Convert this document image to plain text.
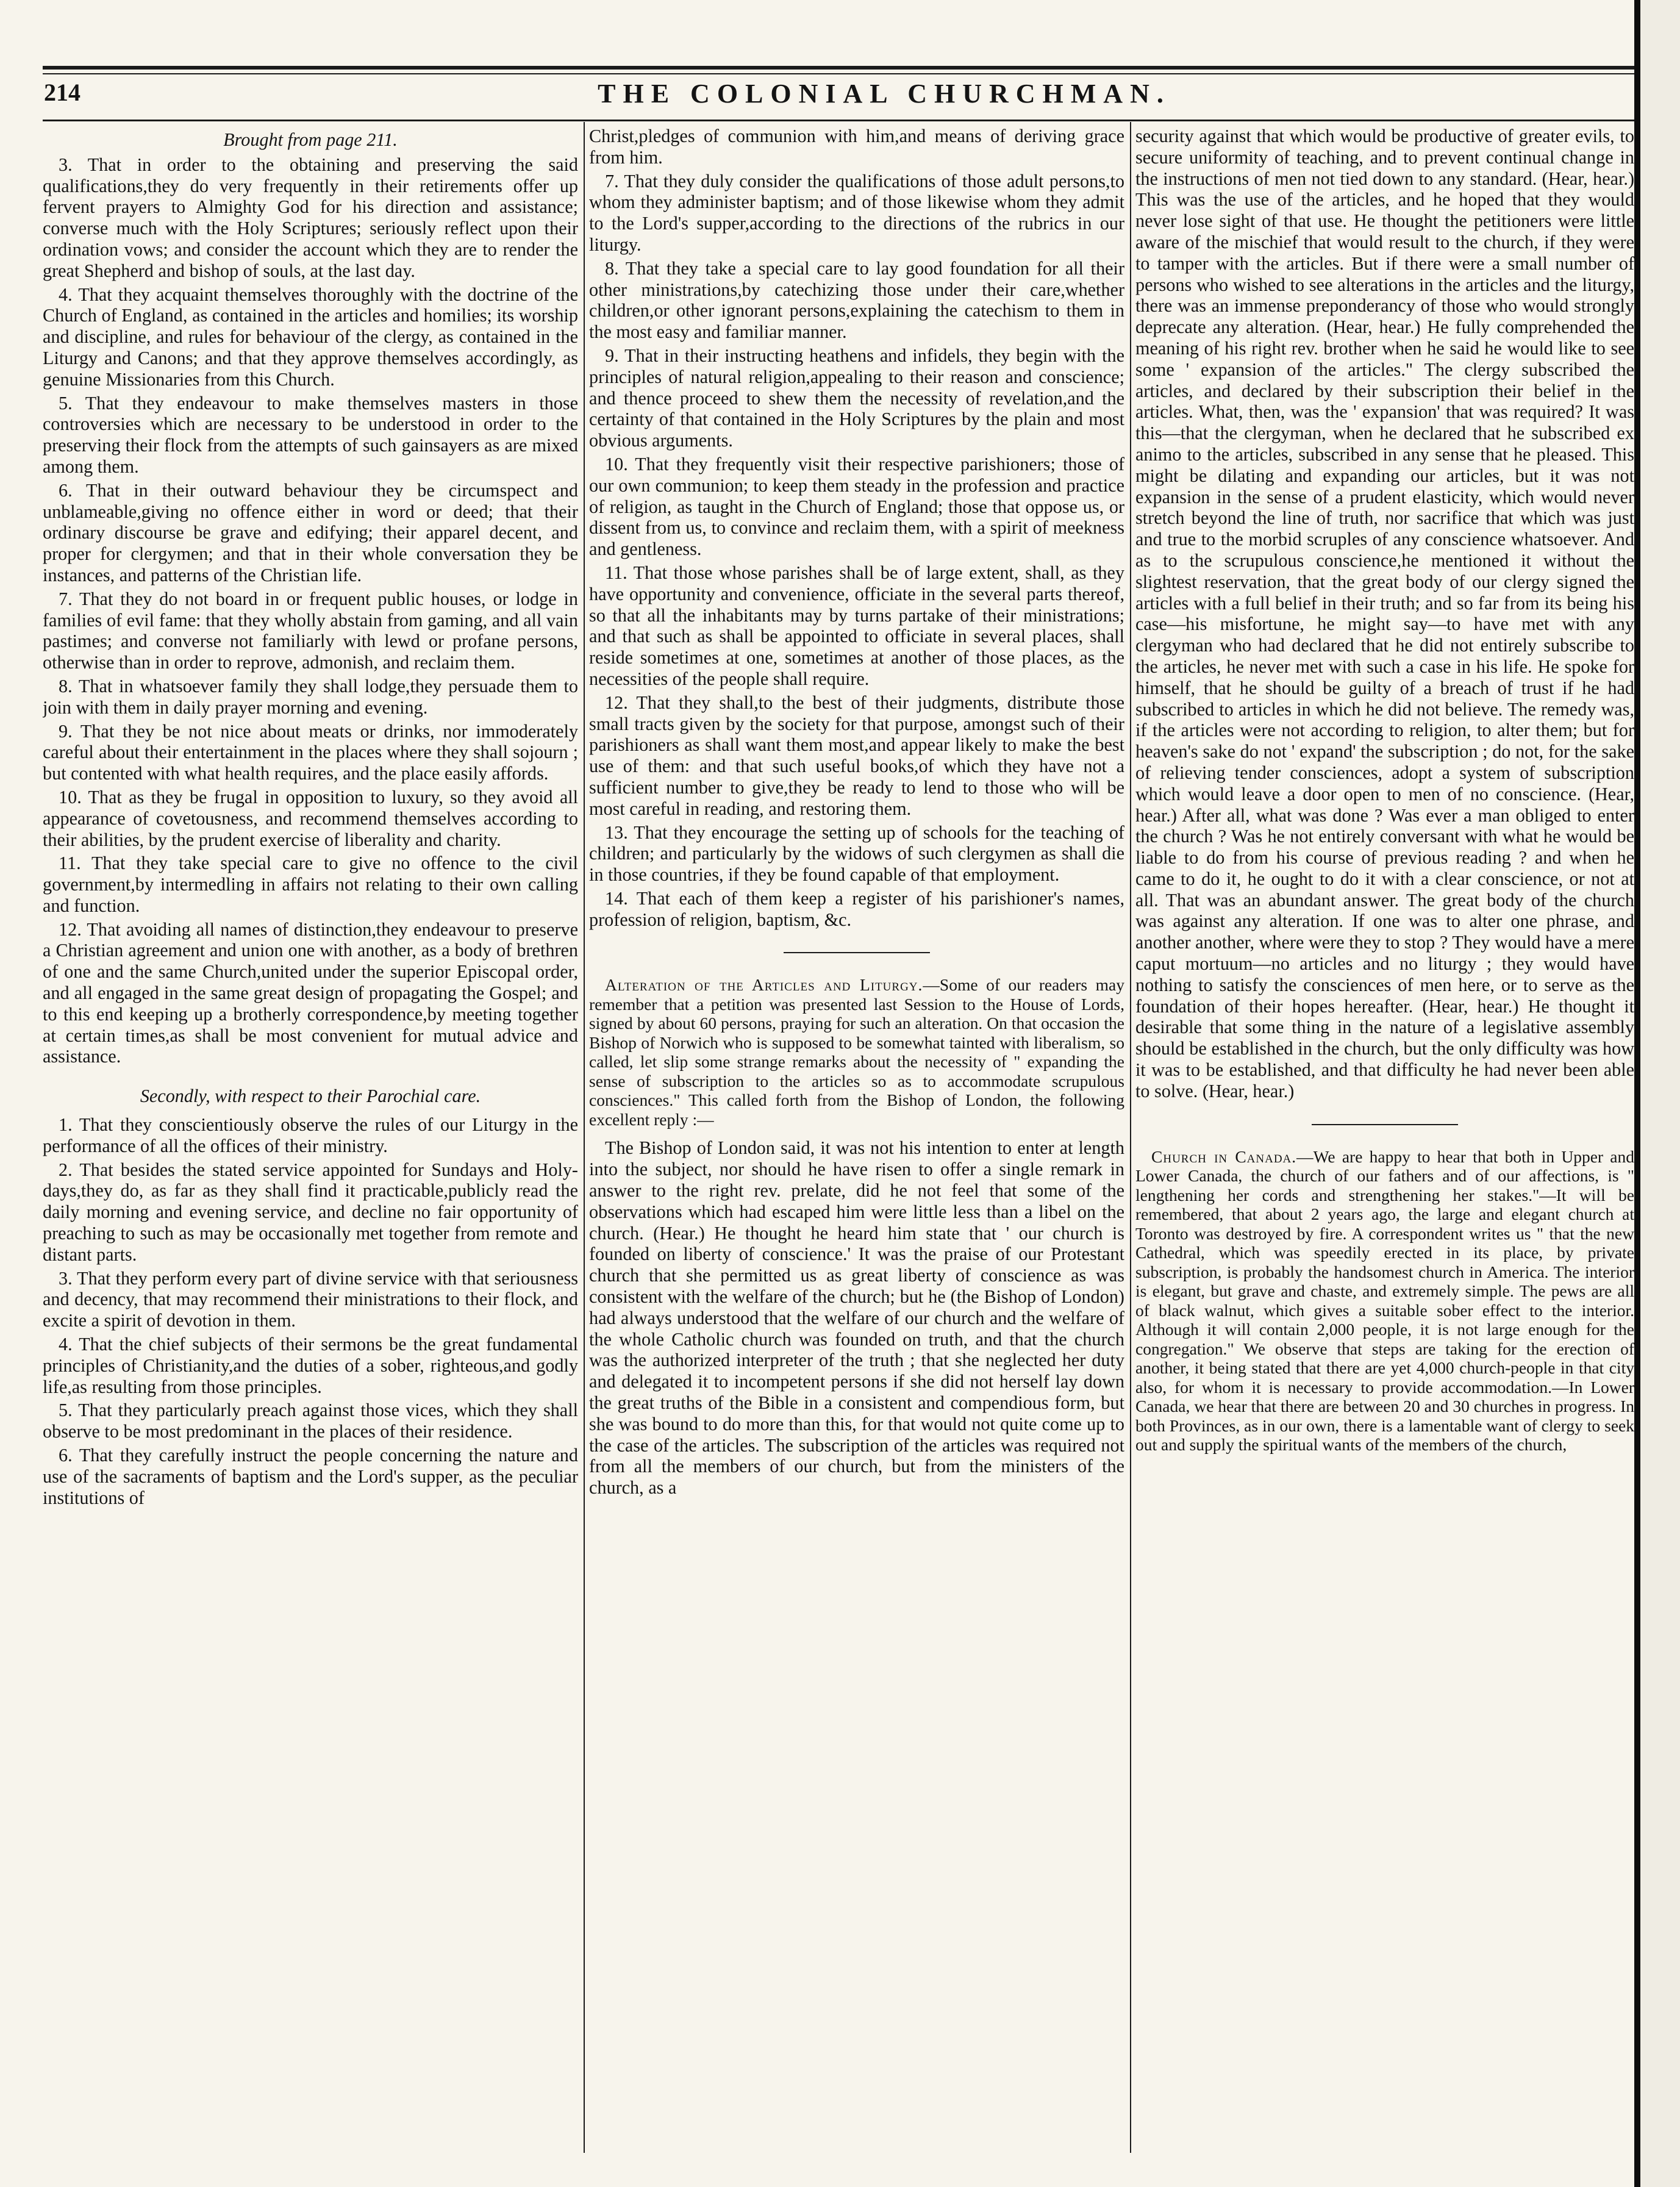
214	THE COLONIAL CHURCHMAN.

Brought from page 211.

3. That in order to the obtaining and preserving the said qualifications,they do very frequently in their retirements offer up fervent prayers to Almighty God for his direction and assistance; converse much with the Holy Scriptures; seriously reflect upon their ordination vows; and consider the account which they are to render the great Shepherd and bishop of souls, at the last day.

4. That they acquaint themselves thoroughly with the doctrine of the Church of England, as contained in the articles and homilies; its worship and discipline, and rules for behaviour of the clergy, as contained in the Liturgy and Canons; and that they approve themselves accordingly, as genuine Missionaries from this Church.

5. That they endeavour to make themselves masters in those controversies which are necessary to be understood in order to the preserving their flock from the attempts of such gainsayers as are mixed among them.

6. That in their outward behaviour they be circumspect and unblameable,giving no offence either in word or deed; that their ordinary discourse be grave and edifying; their apparel decent, and proper for clergymen; and that in their whole conversation they be instances, and patterns of the Christian life.

7. That they do not board in or frequent public houses, or lodge in families of evil fame: that they wholly abstain from gaming, and all vain pastimes; and converse not familiarly with lewd or profane persons, otherwise than in order to reprove, admonish, and reclaim them.

8. That in whatsoever family they shall lodge,they persuade them to join with them in daily prayer morning and evening.

9. That they be not nice about meats or drinks, nor immoderately careful about their entertainment in the places where they shall sojourn ; but contented with what health requires, and the place easily affords.

10. That as they be frugal in opposition to luxury, so they avoid all appearance of covetousness, and recommend themselves according to their abilities, by the prudent exercise of liberality and charity.

11. That they take special care to give no offence to the civil government,by intermedling in affairs not relating to their own calling and function.

12. That avoiding all names of distinction,they endeavour to preserve a Christian agreement and union one with another, as a body of brethren of one and the same Church,united under the superior Episcopal order, and all engaged in the same great design of propagating the Gospel; and to this end keeping up a brotherly correspondence,by meeting together at certain times,as shall be most convenient for mutual advice and assistance.

Secondly, with respect to their Parochial care.

1. That they conscientiously observe the rules of our Liturgy in the performance of all the offices of their ministry.

2. That besides the stated service appointed for Sundays and Holy-days,they do, as far as they shall find it practicable,publicly read the daily morning and evening service, and decline no fair opportunity of preaching to such as may be occasionally met together from remote and distant parts.

3. That they perform every part of divine service with that seriousness and decency, that may recommend their ministrations to their flock, and excite a spirit of devotion in them.

4. That the chief subjects of their sermons be the great fundamental principles of Christianity,and the duties of a sober, righteous,and godly life,as resulting from those principles.

5. That they particularly preach against those vices, which they shall observe to be most predominant in the places of their residence.

6. That they carefully instruct the people concerning the nature and use of the sacraments of baptism and the Lord's supper, as the peculiar institutions of

Christ,pledges of communion with him,and means of deriving grace from him.

7. That they duly consider the qualifications of those adult persons,to whom they administer baptism; and of those likewise whom they admit to the Lord's supper,according to the directions of the rubrics in our liturgy.

8. That they take a special care to lay good foundation for all their other ministrations,by catechizing those under their care,whether children,or other ignorant persons,explaining the catechism to them in the most easy and familiar manner.

9. That in their instructing heathens and infidels, they begin with the principles of natural religion,appealing to their reason and conscience; and thence proceed to shew them the necessity of revelation,and the certainty of that contained in the Holy Scriptures by the plain and most obvious arguments.

10. That they frequently visit their respective parishioners; those of our own communion; to keep them steady in the profession and practice of religion, as taught in the Church of England; those that oppose us, or dissent from us, to convince and reclaim them, with a spirit of meekness and gentleness.

11. That those whose parishes shall be of large extent, shall, as they have opportunity and convenience, officiate in the several parts thereof, so that all the inhabitants may by turns partake of their ministrations; and that such as shall be appointed to officiate in several places, shall reside sometimes at one, sometimes at another of those places, as the necessities of the people shall require.

12. That they shall,to the best of their judgments, distribute those small tracts given by the society for that purpose, amongst such of their parishioners as shall want them most,and appear likely to make the best use of them: and that such useful books,of which they have not a sufficient number to give,they be ready to lend to those who will be most careful in reading, and restoring them.

13. That they encourage the setting up of schools for the teaching of children; and particularly by the widows of such clergymen as shall die in those countries, if they be found capable of that employment.

14. That each of them keep a register of his parishioner's names, profession of religion, baptism, &c.

Alteration of the Articles and Liturgy.—Some of our readers may remember that a petition was presented last Session to the House of Lords, signed by about 60 persons, praying for such an alteration. On that occasion the Bishop of Norwich who is supposed to be somewhat tainted with liberalism, so called, let slip some strange remarks about the necessity of " expanding the sense of subscription to the articles so as to accommodate scrupulous consciences." This called forth from the Bishop of London, the following excellent reply :—

The Bishop of London said, it was not his intention to enter at length into the subject, nor should he have risen to offer a single remark in answer to the right rev. prelate, did he not feel that some of the observations which had escaped him were little less than a libel on the church. (Hear.) He thought he heard him state that ' our church is founded on liberty of conscience.' It was the praise of our Protestant church that she permitted us as great liberty of conscience as was consistent with the welfare of the church; but he (the Bishop of London) had always understood that the welfare of our church and the welfare of the whole Catholic church was founded on truth, and that the church was the authorized interpreter of the truth ; that she neglected her duty and delegated it to incompetent persons if she did not herself lay down the great truths of the Bible in a consistent and compendious form, but she was bound to do more than this, for that would not quite come up to the case of the articles. The subscription of the articles was required not from all the members of our church, but from the ministers of the church, as a

security against that which would be productive of greater evils, to secure uniformity of teaching, and to prevent continual change in the instructions of men not tied down to any standard. (Hear, hear.) This was the use of the articles, and he hoped that they would never lose sight of that use. He thought the petitioners were little aware of the mischief that would result to the church, if they were to tamper with the articles. But if there were a small number of persons who wished to see alterations in the articles and the liturgy, there was an immense preponderancy of those who would strongly deprecate any alteration. (Hear, hear.) He fully comprehended the meaning of his right rev. brother when he said he would like to see some ' expansion of the articles." The clergy subscribed the articles, and declared by their subscription their belief in the articles. What, then, was the ' expansion' that was required? It was this—that the clergyman, when he declared that he subscribed ex animo to the articles, subscribed in any sense that he pleased. This might be dilating and expanding our articles, but it was not expansion in the sense of a prudent elasticity, which would never stretch beyond the line of truth, nor sacrifice that which was just and true to the morbid scruples of any conscience whatsoever. And as to the scrupulous conscience,he mentioned it without the slightest reservation, that the great body of our clergy signed the articles with a full belief in their truth; and so far from its being his case—his misfortune, he might say—to have met with any clergyman who had declared that he did not entirely subscribe to the articles, he never met with such a case in his life. He spoke for himself, that he should be guilty of a breach of trust if he had subscribed to articles in which he did not believe. The remedy was, if the articles were not according to religion, to alter them; but for heaven's sake do not ' expand' the subscription ; do not, for the sake of relieving tender consciences, adopt a system of subscription which would leave a door open to men of no conscience. (Hear, hear.) After all, what was done ? Was ever a man obliged to enter the church ? Was he not entirely conversant with what he would be liable to do from his course of previous reading ? and when he came to do it, he ought to do it with a clear conscience, or not at all. That was an abundant answer. The great body of the church was against any alteration. If one was to alter one phrase, and another another, where were they to stop ? They would have a mere caput mortuum—no articles and no liturgy ; they would have nothing to satisfy the consciences of men here, or to serve as the foundation of their hopes hereafter. (Hear, hear.) He thought it desirable that some thing in the nature of a legislative assembly should be established in the church, but the only difficulty was how it was to be established, and that difficulty he had never been able to solve. (Hear, hear.)

Church in Canada.—We are happy to hear that both in Upper and Lower Canada, the church of our fathers and of our affections, is " lengthening her cords and strengthening her stakes."—It will be remembered, that about 2 years ago, the large and elegant church at Toronto was destroyed by fire. A correspondent writes us " that the new Cathedral, which was speedily erected in its place, by private subscription, is probably the handsomest church in America. The interior is elegant, but grave and chaste, and extremely simple. The pews are all of black walnut, which gives a suitable sober effect to the interior. Although it will contain 2,000 people, it is not large enough for the congregation." We observe that steps are taking for the erection of another, it being stated that there are yet 4,000 church-people in that city also, for whom it is necessary to provide accommodation.—In Lower Canada, we hear that there are between 20 and 30 churches in progress. In both Provinces, as in our own, there is a lamentable want of clergy to seek out and supply the spiritual wants of the members of the church,
